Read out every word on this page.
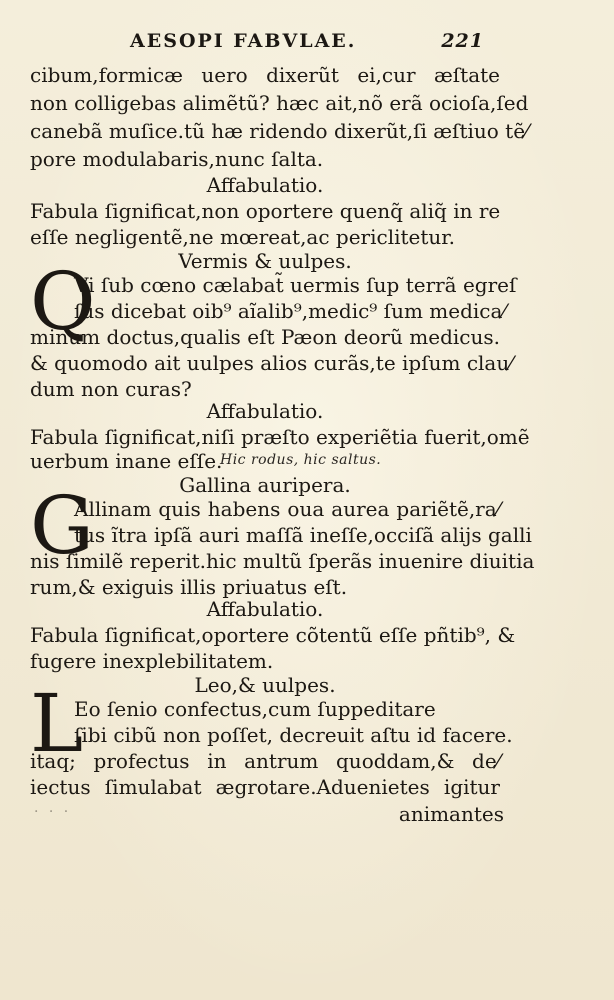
AESOPI FABVLAE.	221
cibum,formicæ uero dixerũt ei,cur æſtate
non colligebas alimẽtũ? hæc ait,nõ erã ocioſa,ſed
canebã muſice.tũ hæ ridendo dixerũt,ſi æſtiuo tẽ⁄
pore modulabaris,nunc ſalta.
Affabulatio.
Fabula ſignificat,non oportere quenq̃ aliq̃ in re
eſſe negligentẽ,ne mœreat,ac periclitetur.
Vermis & uulpes.
Q
Vi ſub cœno cælabat̃ uermis ſup terrã egreſ
ſus dicebat oib⁹ aĩalib⁹,medic⁹ ſum medica⁄
minum doctus,qualis eſt Pæon deorũ medicus.
& quomodo ait uulpes alios curãs,te ipſum clau⁄
dum non curas?
Affabulatio.
Fabula ſignificat,niſi præſto experiẽtia fuerit,omẽ
uerbum inane eſſe.
Hic rodus, hic saltus.
Gallina auripera.
G
Allinam quis habens oua aurea pariẽtẽ,ra⁄
tus ĩtra ipſã auri maſſã ineſſe,occiſã alijs galli
nis ſimilẽ reperit.hic multũ ſperãs inuenire diuitia
rum,& exiguis illis priuatus eſt.
Affabulatio.
Fabula ſignificat,oportere cõtentũ eſſe pñtib⁹, &
fugere inexplebilitatem.
Leo,& uulpes.
L
Eo ſenio confectus,cum ſuppeditare
ſibi cibũ non poſſet, decreuit aſtu id facere.
itaq; profectus in antrum quoddam,& de⁄
iectus ſimulabat ægrotare.Aduenietes igitur
· · ·	animantes
